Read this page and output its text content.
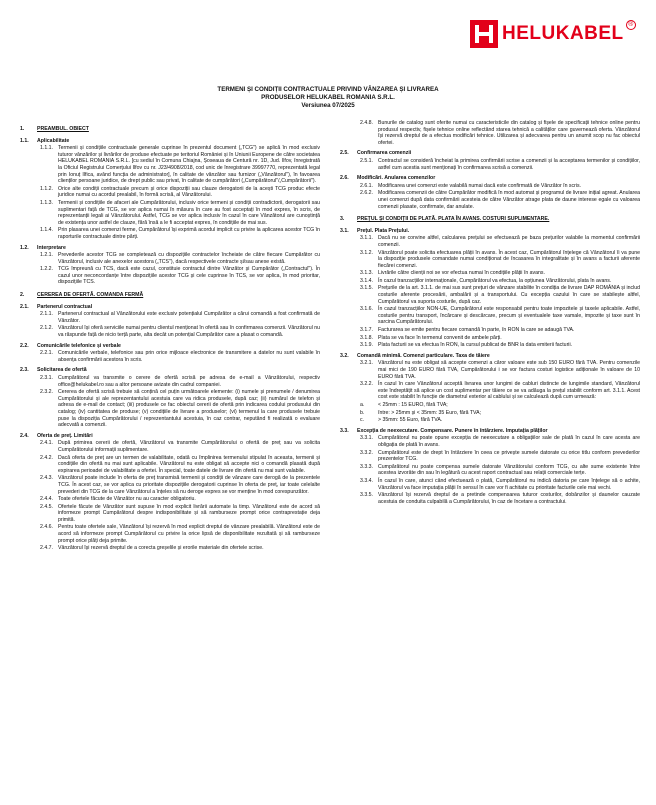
HELUKABEL ®
TERMENI ȘI CONDIȚII CONTRACTUALE PRIVIND VÂNZAREA ȘI LIVRAREA
PRODUSELOR HELUKABEL ROMANIA S.R.L.
Versiunea 07/2025
1.	PREAMBUL. OBIECT
1.1.	Aplicabilitate
1.1.1. Termenii și condițiile contractuale generale cuprinse în prezentul document („TCG") se aplică în mod exclusiv tuturor vânzărilor și livrărilor de produse efectuate pe teritoriul României și în Uniunii Europene de către societatea HELUKABEL ROMANIA S.R.L. [cu sediul în Comuna Chiajna, Șoseaua de Centură nr. 1D, Jud. Ilfov, înregistrată la Oficiul Registrului Comerțului Ilfov cu nr. J23/4908/2018, cod unic de înregistrare 39997770, reprezentată legal prin Ionuț Ilfica, având funcția de administrator], în calitate de vânzător sau furnizor („Vânzătorul"), în favoarea clienților persoane juridice, de drept public sau privat, în calitate de cumpărători („Cumpărătorul"/„Cumpărătorii").
1.1.2. Orice alte condiții contractuale precum și orice dispoziții sau clauze derogatorii de la acești TCG produc efecte juridice numai cu acordul prealabil, în formă scrisă, al Vânzătorului.
1.1.3. Termenii și condițiile de afaceri ale Cumpărătorului, inclusiv orice termeni și condiții contradictorii, derogatorii sau suplimentari față de TCG, se vor aplica numai în măsura în care au fost acceptați în mod expres, în scris, de reprezentanții legali ai Vânzătorului. Astfel, TCG se vor aplica inclusiv în cazul în care Vânzătorul are cunoștință de existența unor astfel de clauze, fără însă a le fi acceptat expres, în condițiile de mai sus.
1.1.4. Prin plasarea unei comenzi ferme, Cumpărătorul își exprimă acordul implicit cu privire la aplicarea acestor TCG în raporturile contractuale dintre părți.
1.2.	Interpretare
1.2.1. Prevederile acestor TCG se completează cu dispozițiile contractelor încheiate de către fiecare Cumpărător cu Vânzătorul, inclusiv ale anexelor acestora („TCS"), dacă respectivele contracte și/sau anexe există.
1.2.2. TCG împreună cu TCS, dacă este cazul, constituie contractul dintre Vânzător și Cumpărător („Contractul"). În cazul unor neconcordanțe între dispozițiile acestor TCG și cele cuprinse în TCS, se vor aplica, în mod prioritar, dispozițiile TCS.
2.	CEREREA DE OFERTĂ. COMANDA FERMĂ
2.1.	Partenerul contractual
2.1.1. Partenerul contractual al Vânzătorului este exclusiv potențialul Cumpărător a cărui comandă a fost confirmată de Vânzător.
2.1.2. Vânzătorul își oferă serviciile numai pentru clientul menționat în ofertă sau în confirmarea comenzii. Vânzătorul nu va răspunde față de nicio terță parte, alta decât un potențial Cumpărător care a plasat o comandă.
2.2.	Comunicările telefonice și verbale
2.2.1. Comunicările verbale, telefonice sau prin orice mijloace electronice de transmitere a datelor nu sunt valabile în absența confirmării acestora în scris.
2.3.	Solicitarea de ofertă
2.3.1. Cumpărătorul va transmite o cerere de ofertă scrisă pe adresa de e-mail a Vânzătorului, respectiv office@helukabel.ro sau a altor persoane avizate din cadrul companiei.
2.3.2. Cererea de ofertă scrisă trebuie să conțină cel puțin următoarele elemente: (i) numele și prenumele / denumirea Cumpărătorului și ale reprezentantului acestuia care va ridica produsele, după caz; (ii) numărul de telefon și adresa de e-mail de contact; (iii) produsele ce fac obiectul cererii de ofertă prin indicarea codului produsului din catalog; (iv) cantitatea de produse; (v) condițiile de livrare a produselor; (vi) termenul la care produsele trebuie puse la dispoziția Cumpărătorului / reprezentantului acestuia, în caz contrar, neputând fi realizată o evaluare adecvată a comenzii.
2.4.	Oferta de preț. Limitări
2.4.1. După primirea cererii de ofertă, Vânzătorul va transmite Cumpărătorului o ofertă de preț sau va solicita Cumpărătorului informații suplimentare.
2.4.2. Dacă oferta de preț are un termen de valabilitate, odată cu împlinirea termenului stipulat în aceasta, termenii și condițiile din ofertă nu mai sunt aplicabile. Vânzătorul nu este obligat să accepte nici o comandă plasată după expirarea perioadei de valabilitate a ofertei. În special, toate datele de livrare din ofertă nu mai sunt valabile.
2.4.3. Vânzătorul poate include în oferta de preț transmisă termenii și condiții de vânzare care derogă de la prezentele TCG. În acest caz, se vor aplica cu prioritate dispozițiile derogatorii cuprinse în oferta de preț, iar toate celelalte prevederi din TCG de la care Vânzătorul a înțeles să nu deroge expres se vor menține în mod corespunzător.
2.4.4. Toate ofertele făcute de Vânzător nu au caracter obligatoriu.
2.4.5. Ofertele făcute de Vânzător sunt supuse în mod explicit livrării automate la timp. Vânzătorul este de acord să informeze prompt Cumpărătorul despre indisponibilitate și să ramburseze prompt orice contraprestație deja primită.
2.4.6. Pentru toate ofertele sale, Vânzătorul își rezervă în mod explicit dreptul de vânzare prealabilă. Vânzătorul este de acord să informeze prompt Cumpărătorul cu privire la orice lipsă de disponibilitate rezultată și să ramburseze prompt orice plăți deja primite.
2.4.7. Vânzătorul își rezervă dreptul de a corecta greșelile și erorile materiale din ofertele scrise.
2.4.8. Bunurile de catalog sunt oferite numai cu caracteristicile din catalog și fișele de specificații tehnice online pentru produsul respectiv, fișele tehnice online reflectând starea tehnică a calităților care guvernează oferta. Vânzătorul își rezervă dreptul de a efectua modificări tehnice. Utilizarea și adecvarea pentru un anumit scop nu fac obiectul ofertei.
2.5.	Confirmarea comenzii
2.5.1. Contractul se consideră încheiat la primirea confirmării scrise a comenzii și la acceptarea termenilor și condițiilor, astfel cum acestia sunt menționați în confirmarea scrisă a comenzii.
2.6.	Modificări. Anularea comenzilor
2.6.1. Modificarea unei comenzi este valabilă numai dacă este confirmată de Vânzător în scris.
2.6.2. Modificarea comenzii de către Cumpărător modifică în mod automat și programul de livrare inițial agreat. Anularea unei comenzi după data confirmării acesteia de către Vânzător atrage plata de daune interese egale cu valoarea comenzii plasate, confirmate, dar anulate.
3.	PREȚUL ȘI CONDIȚII DE PLATĂ. PLATA ÎN AVANS. COSTURI SUPLIMENTARE.
3.1.	Prețul. Plata Prețului.
3.1.1. Dacă nu se convine altfel, calcularea prețului se efectuează pe baza prețurilor valabile la momentul confirmării comenzii.
3.1.2. Vânzătorul poate solicita efectuarea plății în avans. În acest caz, Cumpărătorul înțelege că Vânzătorul îi va pune la dispoziție produsele comandate numai condiționat de încasarea în integralitate și în avans a facturii aferente fiecărei comenzi.
3.1.3. Livrările către clienții noi se vor efectua numai în condițiile plății în avans.
3.1.4. În cazul tranzacțiilor internaționale, Cumpărătorul va efectua, la opțiunea Vânzătorului, plata în avans.
3.1.5. Prețurile de la art. 3.1.1. de mai sus sunt prețuri de vânzare stabilite în condiția de livrare DAP ROMÂNIA și includ costurile aferente procesării, ambalării și a transportului. Cu excepția cazului în care se stabilește altfel, Cumpărătorul va suporta costurile, după caz.
3.1.6. În cazul tranzacțiilor NON-UE, Cumpărătorul este responsabil pentru toate impozitele și taxele aplicabile. Astfel, costurile pentru transport, încărcare și descărcare, precum și eventualele taxe vamale, impozite și taxe sunt în sarcina Cumpărătorului.
3.1.7. Facturarea se emite pentru fiecare comandă în parte, în RON la care se adaugă TVA.
3.1.8. Plata se va face în termenul convenit de ambele părți.
3.1.9. Plata facturii se va efectua în RON, la cursul publicat de BNR la data emiterii facturii.
3.2.	Comandă minimă. Comenzi particulare. Taxa de tăiere
3.2.1. Vânzătorul nu este obligat să accepte comenzi a căror valoare este sub 150 EURO fără TVA. Pentru comenzile mai mici de 190 EURO fără TVA, Cumpărătorului i se vor factura costuri logistice adiționale în valoare de 10 EURO fără TVA.
3.2.2. În cazul în care Vânzătorul acceptă livrarea unor lungimi de cabluri distincte de lungimile standard, Vânzătorul este îndreptățit să aplice un cost suplimentar per tăiere ce se va adăuga la prețul stabilit conform art. 3.1.1. Acest cost este stabilit în funcție de diametrul exterior al cablului și se calculează după cum urmează:
a.	< 25mm : 15 EURO, fără TVA;
b.	între: > 25mm și < 35mm: 35 Euro, fără TVA;
c.	> 35mm: 55 Euro, fără TVA.
3.3.	Excepția de neexecutare. Compensare. Punere în întârziere. Imputația plăților
3.3.1. Cumpărătorul nu poate opune excepția de neexecutare a obligațiilor sale de plată în cazul în care acesta are obligația de plată în avans.
3.3.2. Cumpărătorul este de drept în întârziere în ceea ce privește sumele datorate cu orice titlu conform prevederilor prezentelor TCG.
3.3.3. Cumpărătorul nu poate compensa sumele datorate Vânzătorului conform TCG, cu alte sume existente între acestea izvorâte din sau în legătură cu acest raport contractual sau relații comerciale terțe.
3.3.4. În cazul în care, atunci când efectuează o plată, Cumpărătorul nu indică datoria pe care înțelege să o achite, Vânzătorul va face imputația plății în sensul în care vor fi achitate cu prioritate facturile cele mai vechi.
3.3.5. Vânzătorul își rezervă dreptul de a pretinde compensarea tuturor costurilor, dobânzilor și daunelor cauzate acestuia de conduita culpabilă a Cumpărătorului, în caz de încetare a contractului.
